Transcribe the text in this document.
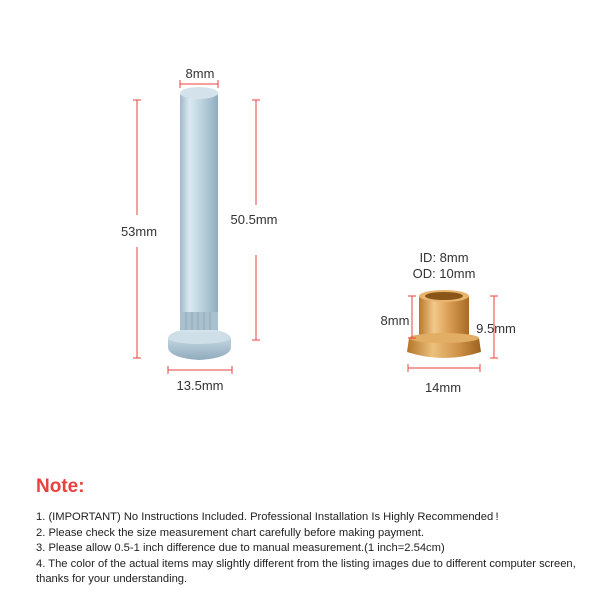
8mm
53mm
50.5mm
13.5mm
8mm
9.5mm
14mm
ID: 8mm
OD: 10mm

Note:

1. (IMPORTANT) No Instructions Included. Professional Installation Is Highly Recommended !

2. Please check the size measurement chart carefully before making payment.

3. Please allow 0.5-1 inch difference due to manual measurement.(1 inch=2.54cm)

4. The color of the actual items may slightly different from the listing images due to different computer screen, thanks for your understanding.
